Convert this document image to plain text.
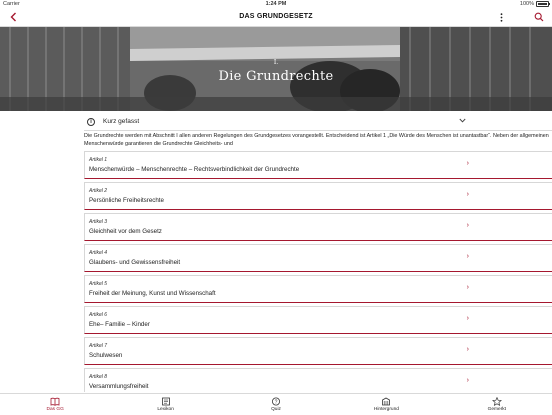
Carrier	1:24 PM	100%
DAS GRUNDGESETZ
I.
Die Grundrechte
i	Kurz gefasst
Die Grundrechte werden mit Abschnitt I allen anderen Regelungen des Grundgesetzes vorangestellt. Entscheidend ist Artikel 1 „Die Würde des Menschen ist unantastbar“. Neben der allgemeinen Menschenwürde garantieren die Grundrechte Gleichheits- und
Artikel 1
Menschenwürde – Menschenrechte – Rechtsverbindlichkeit der Grundrechte
›
Artikel 2
Persönliche Freiheitsrechte
›
Artikel 3
Gleichheit vor dem Gesetz
›
Artikel 4
Glaubens- und Gewissensfreiheit
›
Artikel 5
Freiheit der Meinung, Kunst und Wissenschaft
›
Artikel 6
Ehe– Familie – Kinder
›
Artikel 7
Schulwesen
›
Artikel 8
Versammlungsfreiheit
›
Das GG	Lexikon
?
Quiz	Hintergrund	Gemerkt
